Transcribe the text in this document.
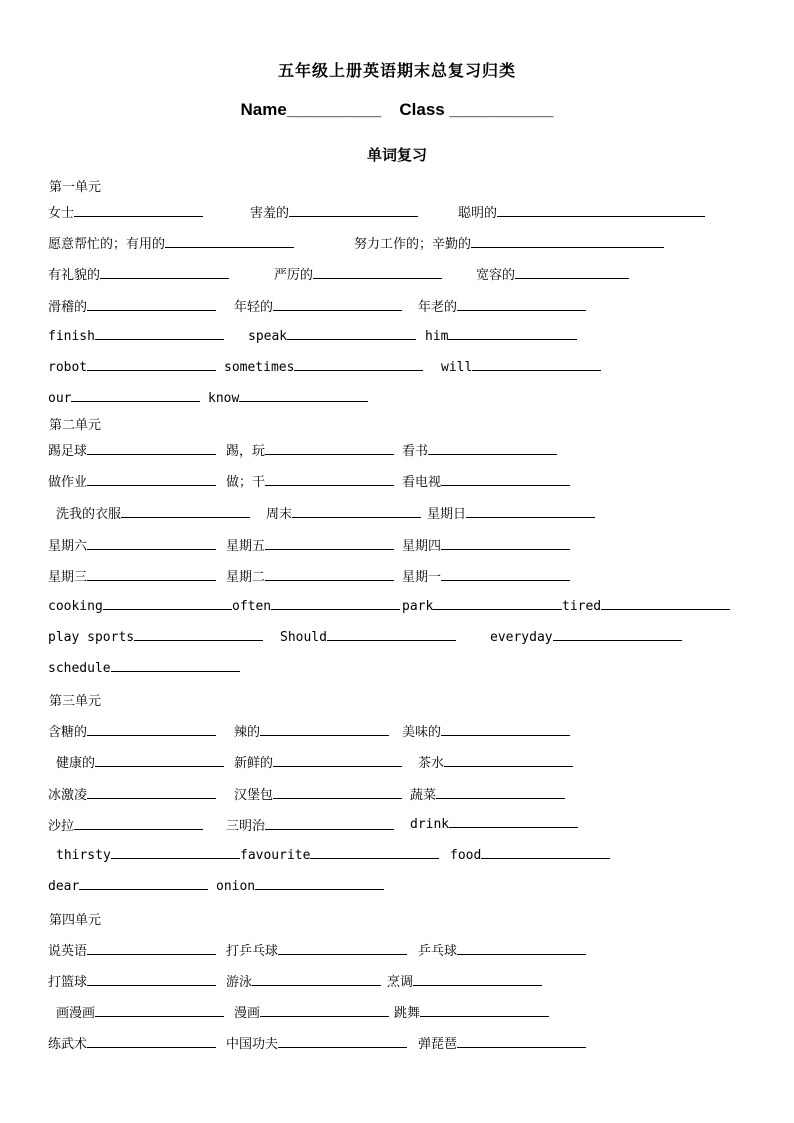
五年级上册英语期末总复习归类
Name__________ Class ___________
单词复习
女士	害羞的	聪明的
愿意帮忙的；有用的	努力工作的；辛勤的
有礼貌的	严厉的	宽容的
滑稽的	年轻的	年老的
finish	speak	him
robot	sometimes	will
our	know
踢足球	踢，玩	看书
做作业	做；干	看电视
洗我的衣服	周末	星期日
星期六	星期五	星期四
星期三	星期二	星期一
cooking	often	park	tired
play sports	Should	everyday
schedule
含糖的	辣的	美味的
健康的	新鲜的	茶水
冰激凌	汉堡包	蔬菜
沙拉	三明治	drink
thirsty	favourite	food
dear	onion
说英语	打乒乓球	乒乓球
打篮球	游泳	烹调
画漫画	漫画	跳舞
练武术	中国功夫	弹琵琶
第一单元
第二单元
第三单元
第四单元
